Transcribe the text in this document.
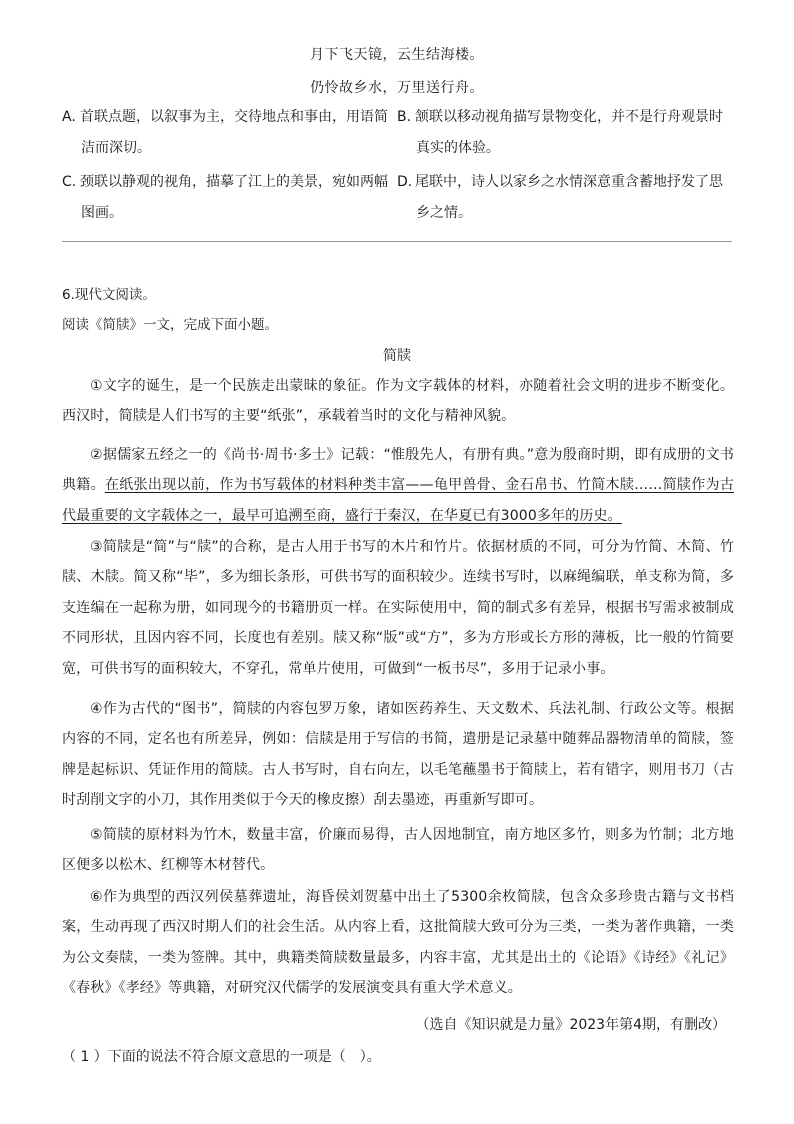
月下飞天镜，云生结海楼。
仍怜故乡水，万里送行舟。
A. 首联点题，以叙事为主，交待地点和事由，用语简
洁而深切。
B. 颔联以移动视角描写景物变化，并不是行舟观景时
真实的体验。
C. 颈联以静观的视角，描摹了江上的美景，宛如两幅
图画。
D. 尾联中，诗人以家乡之水情深意重含蓄地抒发了思
乡之情。
6.现代文阅读。
阅读《简牍》一文，完成下面小题。
简牍
①文字的诞生，是一个民族走出蒙昧的象征。作为文字载体的材料，亦随着社会文明的进步不断变化。西汉时，简牍是人们书写的主要“纸张”，承载着当时的文化与精神风貌。
②据儒家五经之一的《尚书·周书·多士》记载：“惟殷先人，有册有典。”意为殷商时期，即有成册的文书典籍。在纸张出现以前，作为书写载体的材料种类丰富——龟甲兽骨、金石帛书、竹简木牍……简牍作为古代最重要的文字载体之一，最早可追溯至商，盛行于秦汉，在华夏已有3000多年的历史。
③简牍是“简”与“牍”的合称，是古人用于书写的木片和竹片。依据材质的不同，可分为竹简、木简、竹牍、木牍。简又称“毕”，多为细长条形，可供书写的面积较少。连续书写时，以麻绳编联，单支称为简，多支连编在一起称为册，如同现今的书籍册页一样。在实际使用中，简的制式多有差异，根据书写需求被制成不同形状，且因内容不同，长度也有差别。牍又称“版”或“方”，多为方形或长方形的薄板，比一般的竹简要宽，可供书写的面积较大，不穿孔，常单片使用，可做到“一板书尽”，多用于记录小事。
④作为古代的“图书”，简牍的内容包罗万象，诸如医药养生、天文数术、兵法礼制、行政公文等。根据内容的不同，定名也有所差异，例如：信牍是用于写信的书简，遣册是记录墓中随葬品器物清单的简牍，签牌是起标识、凭证作用的简牍。古人书写时，自右向左，以毛笔蘸墨书于简牍上，若有错字，则用书刀（古时刮削文字的小刀，其作用类似于今天的橡皮擦）刮去墨迹，再重新写即可。
⑤简牍的原材料为竹木，数量丰富，价廉而易得，古人因地制宜，南方地区多竹，则多为竹制；北方地区便多以松木、红柳等木材替代。
⑥作为典型的西汉列侯墓葬遗址，海昏侯刘贺墓中出土了5300余枚简牍，包含众多珍贵古籍与文书档案，生动再现了西汉时期人们的社会生活。从内容上看，这批简牍大致可分为三类，一类为著作典籍，一类为公文奏牍，一类为签牌。其中，典籍类简牍数量最多，内容丰富，尤其是出土的《论语》《诗经》《礼记》《春秋》《孝经》等典籍，对研究汉代儒学的发展演变具有重大学术意义。
（选自《知识就是力量》2023年第4期，有删改）
（ 1 ）下面的说法不符合原文意思的一项是（　）。
